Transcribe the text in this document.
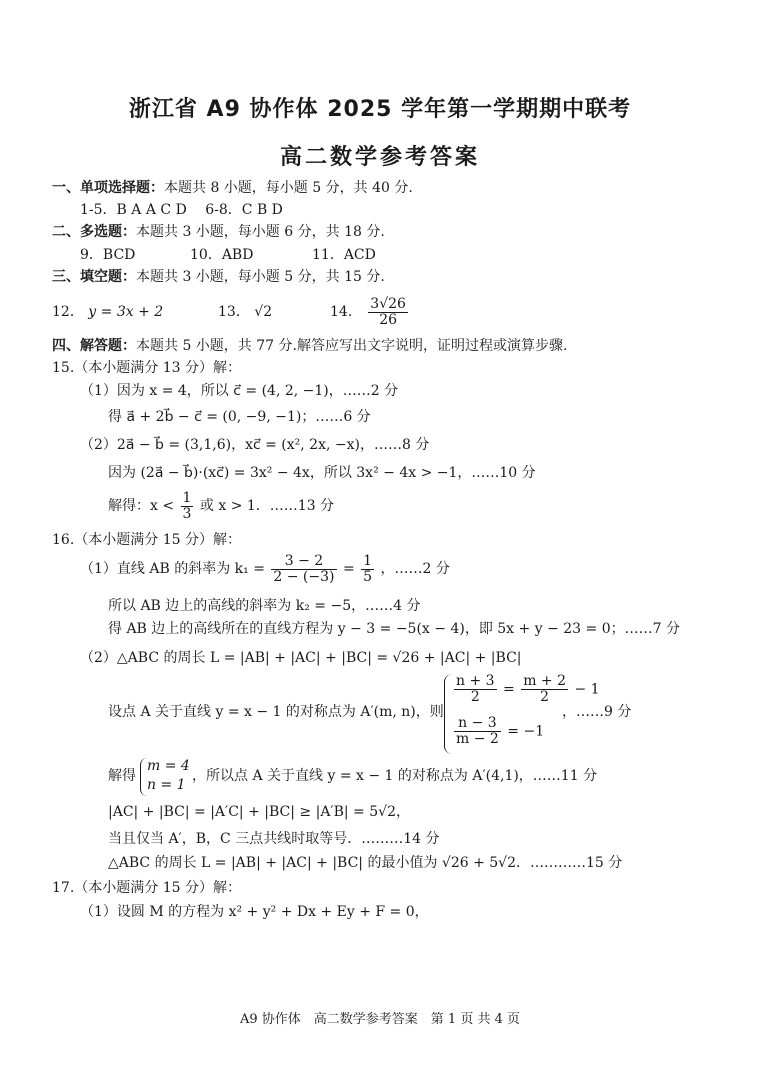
浙江省 A9 协作体 2025 学年第一学期期中联考
高二数学参考答案
一、单项选择题：本题共 8 小题，每小题 5 分，共 40 分.
1-5．B A A C D　 6-8．C B D
二、多选题：本题共 3 小题，每小题 6 分，共 18 分.
9．BCD	10．ABD	11．ACD
三、填空题：本题共 3 小题，每小题 5 分，共 15 分.
12． y = 3x + 2	13． √2	14． $\frac{3√26}{26}$
四、解答题：本题共 5 小题，共 77 分.解答应写出文字说明，证明过程或演算步骤.
15.（本小题满分 13 分）解：
（1）因为 x = 4，所以 c⃗ = (4, 2, −1)，……2 分
得 a⃗ + 2b⃗ − c⃗ = (0, −9, −1)；……6 分
（2）2a⃗ − b⃗ = (3,1,6)，xc⃗ = (x², 2x, −x)，……8 分
因为 (2a⃗ − b⃗)·(xc⃗) = 3x² − 4x，所以 3x² − 4x > −1，……10 分
解得：$x < \frac{1}{3}$ 或 x > 1．……13 分
16.（本小题满分 15 分）解：
（1）直线 AB 的斜率为 $k_1 = \frac{3 - 2}{2 - (-3)} = \frac{1}{5}$ ，……2 分
所以 AB 边上的高线的斜率为 k₂ = −5，……4 分
得 AB 边上的高线所在的直线方程为 y − 3 = −5(x − 4)，即 5x + y − 23 = 0；……7 分
（2）△ABC 的周长 L = |AB| + |AC| + |BC| = √26 + |AC| + |BC|
设点 A 关于直线 y = x − 1 的对称点为 A′(m, n)，则
$\frac{n + 3}{2} = \frac{m + 2}{2} - 1$
$\frac{n - 3}{m - 2} = -1$
，……9 分
解得
m = 4
n = 1
，所以点 A 关于直线 y = x − 1 的对称点为 A′(4,1)，……11 分
|AC| + |BC| = |A′C| + |BC| ≥ |A′B| = 5√2，
当且仅当 A′，B，C 三点共线时取等号．………14 分
△ABC 的周长 L = |AB| + |AC| + |BC| 的最小值为 √26 + 5√2．…………15 分
17.（本小题满分 15 分）解：
（1）设圆 M 的方程为 x² + y² + Dx + Ey + F = 0，
A9 协作体　高二数学参考答案　第 1 页 共 4 页
